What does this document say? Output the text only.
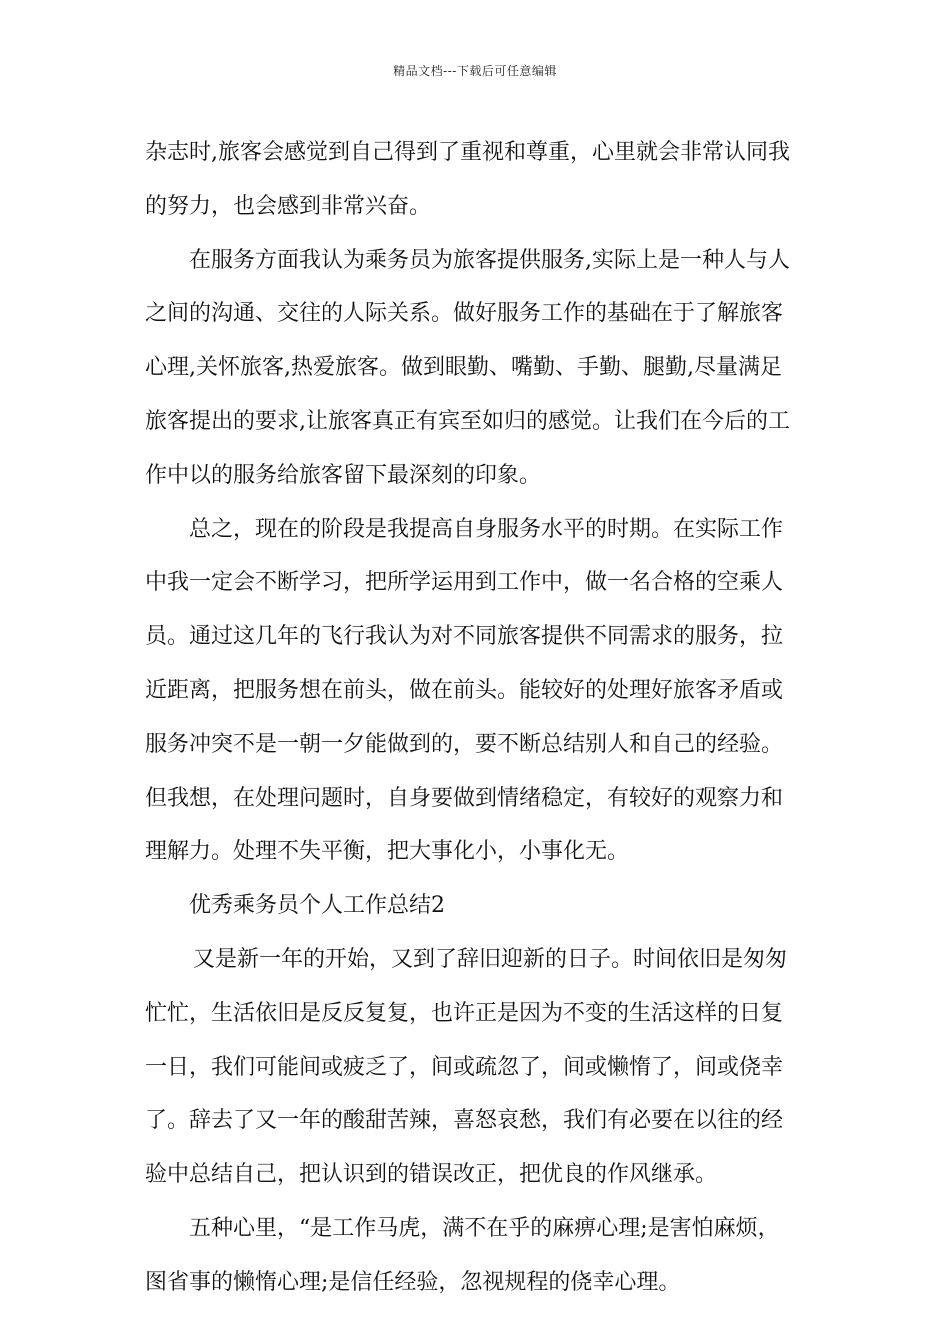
精品文档---下载后可任意编辑
杂志时,旅客会感觉到自己得到了重视和尊重，心里就会非常认同我
的努力，也会感到非常兴奋。
在服务方面我认为乘务员为旅客提供服务,实际上是一种人与人
之间的沟通、交往的人际关系。做好服务工作的基础在于了解旅客
心理,关怀旅客,热爱旅客。做到眼勤、嘴勤、手勤、腿勤,尽量满足
旅客提出的要求,让旅客真正有宾至如归的感觉。让我们在今后的工
作中以的服务给旅客留下最深刻的印象。
总之，现在的阶段是我提高自身服务水平的时期。在实际工作
中我一定会不断学习，把所学运用到工作中，做一名合格的空乘人
员。通过这几年的飞行我认为对不同旅客提供不同需求的服务，拉
近距离，把服务想在前头，做在前头。能较好的处理好旅客矛盾或
服务冲突不是一朝一夕能做到的，要不断总结别人和自己的经验。
但我想，在处理问题时，自身要做到情绪稳定，有较好的观察力和
理解力。处理不失平衡，把大事化小，小事化无。
优秀乘务员个人工作总结2
又是新一年的开始，又到了辞旧迎新的日子。时间依旧是匆匆
忙忙，生活依旧是反反复复，也许正是因为不变的生活这样的日复
一日，我们可能间或疲乏了，间或疏忽了，间或懒惰了，间或侥幸
了。辞去了又一年的酸甜苦辣，喜怒哀愁，我们有必要在以往的经
验中总结自己，把认识到的错误改正，把优良的作风继承。
五种心里，“是工作马虎，满不在乎的麻痹心理;是害怕麻烦，
图省事的懒惰心理;是信任经验，忽视规程的侥幸心理。
